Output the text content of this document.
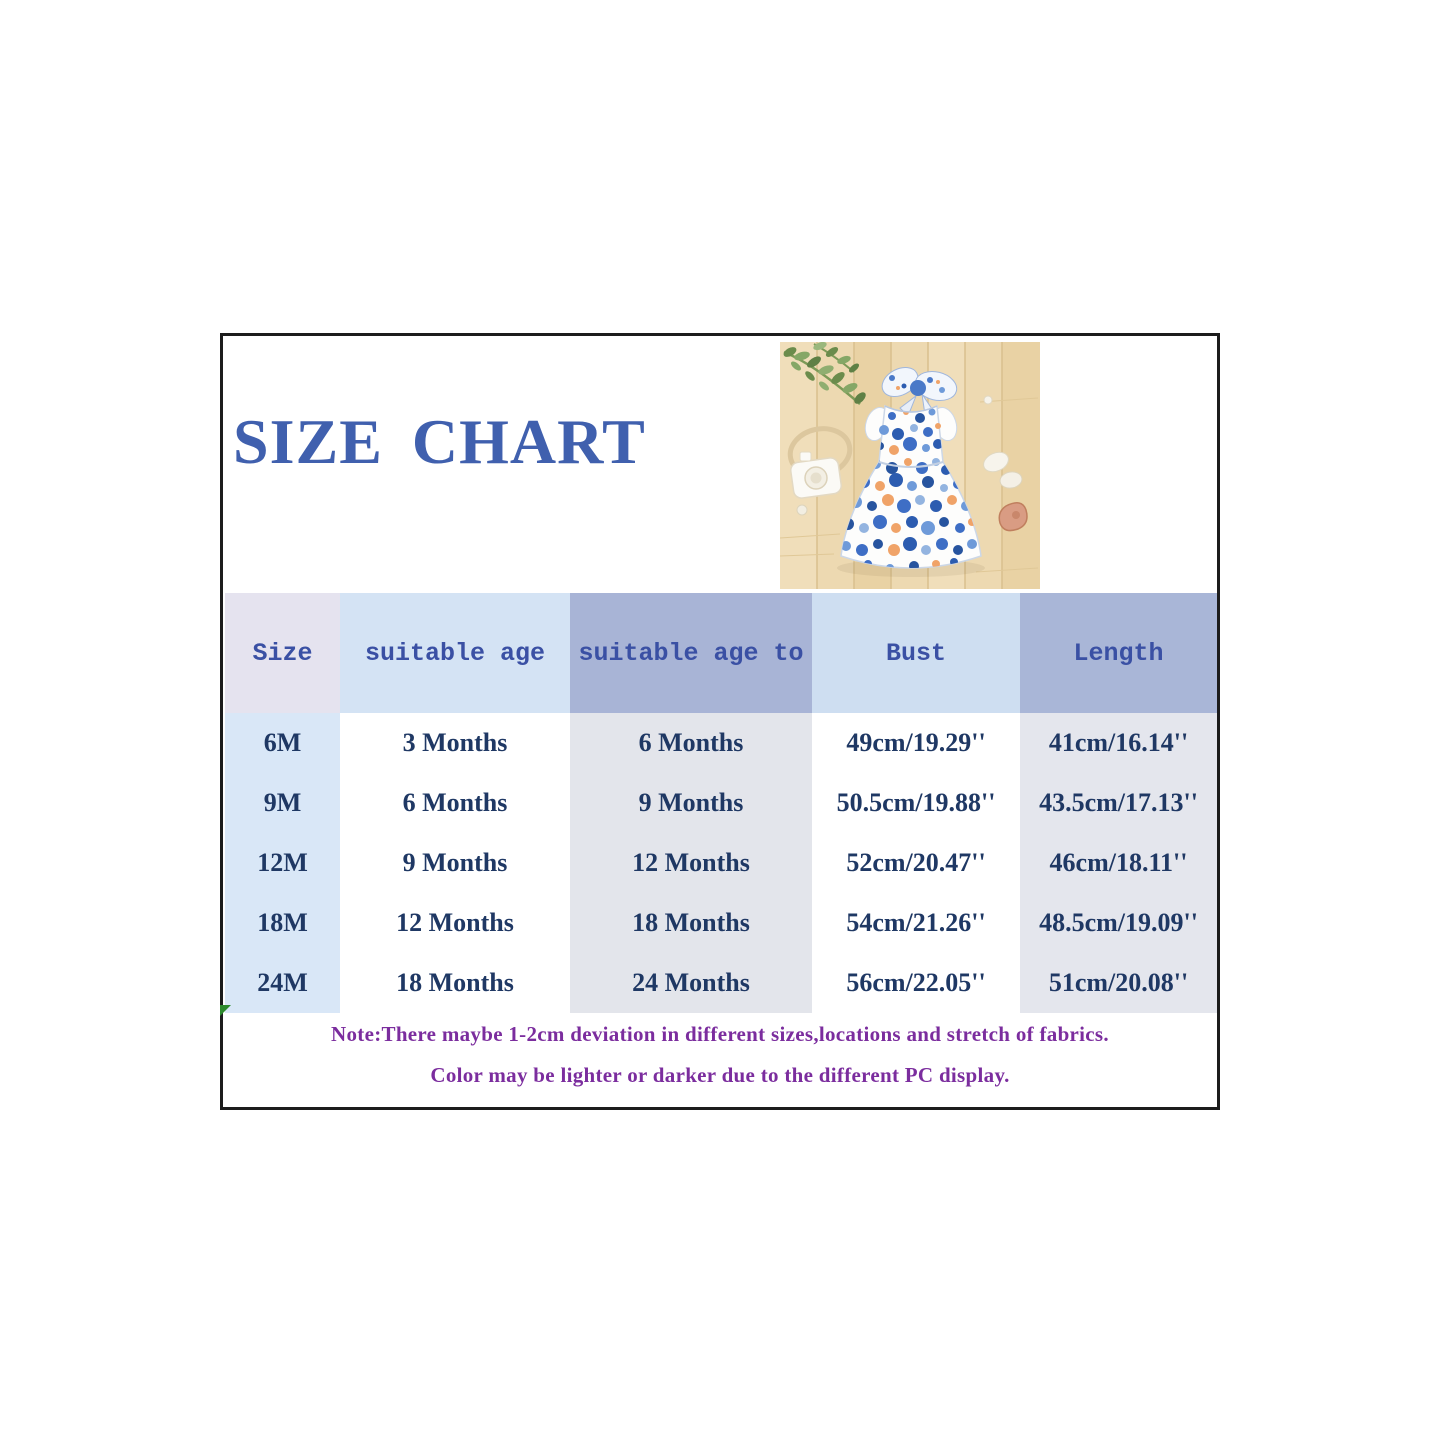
SIZE CHART
Size	suitable age	suitable age to	Bust	Length
6M	3 Months	6 Months	49cm/19.29''	41cm/16.14''
9M	6 Months	9 Months	50.5cm/19.88''	43.5cm/17.13''
12M	9 Months	12 Months	52cm/20.47''	46cm/18.11''
18M	12 Months	18 Months	54cm/21.26''	48.5cm/19.09''
24M	18 Months	24 Months	56cm/22.05''	51cm/20.08''

Note:There maybe 1-2cm deviation in different sizes,locations and stretch of fabrics.

Color may be lighter or darker due to the different PC display.
